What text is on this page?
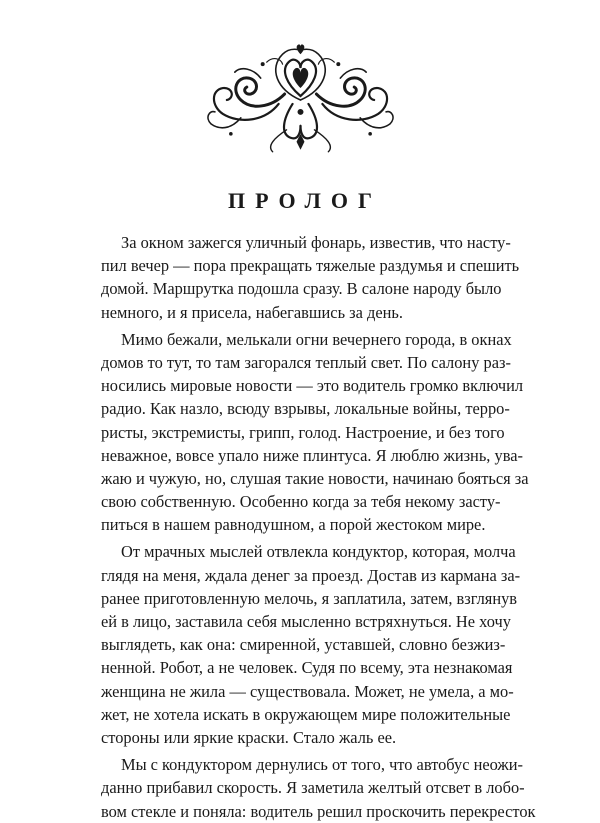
ПРОЛОГ
За окном зажегся уличный фонарь, известив, что насту-
пил вечер — пора прекращать тяжелые раздумья и спешить
домой. Маршрутка подошла сразу. В салоне народу было
немного, и я присела, набегавшись за день.
Мимо бежали, мелькали огни вечернего города, в окнах
домов то тут, то там загорался теплый свет. По салону раз-
носились мировые новости — это водитель громко включил
радио. Как назло, всюду взрывы, локальные войны, терро-
ристы, экстремисты, грипп, голод. Настроение, и без того
неважное, вовсе упало ниже плинтуса. Я люблю жизнь, ува-
жаю и чужую, но, слушая такие новости, начинаю бояться за
свою собственную. Особенно когда за тебя некому засту-
питься в нашем равнодушном, а порой жестоком мире.
От мрачных мыслей отвлекла кондуктор, которая, молча
глядя на меня, ждала денег за проезд. Достав из кармана за-
ранее приготовленную мелочь, я заплатила, затем, взглянув
ей в лицо, заставила себя мысленно встряхнуться. Не хочу
выглядеть, как она: смиренной, уставшей, словно безжиз-
ненной. Робот, а не человек. Судя по всему, эта незнакомая
женщина не жила — существовала. Может, не умела, а мо-
жет, не хотела искать в окружающем мире положительные
стороны или яркие краски. Стало жаль ее.
Мы с кондуктором дернулись от того, что автобус неожи-
данно прибавил скорость. Я заметила желтый отсвет в лобо-
вом стекле и поняла: водитель решил проскочить перекресток
